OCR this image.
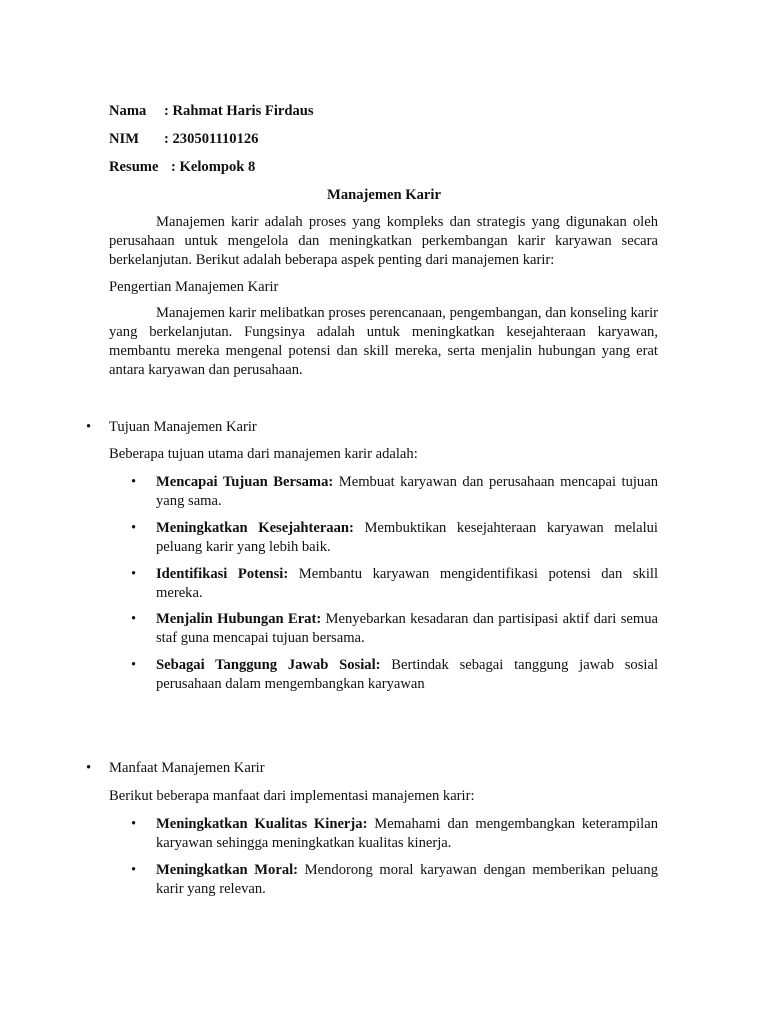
Nama : Rahmat Haris Firdaus
NIM : 230501110126
Resume : Kelompok 8
Manajemen Karir
Manajemen karir adalah proses yang kompleks dan strategis yang digunakan oleh perusahaan untuk mengelola dan meningkatkan perkembangan karir karyawan secara berkelanjutan. Berikut adalah beberapa aspek penting dari manajemen karir:
Pengertian Manajemen Karir
Manajemen karir melibatkan proses perencanaan, pengembangan, dan konseling karir yang berkelanjutan. Fungsinya adalah untuk meningkatkan kesejahteraan karyawan, membantu mereka mengenal potensi dan skill mereka, serta menjalin hubungan yang erat antara karyawan dan perusahaan.
• Tujuan Manajemen Karir
Beberapa tujuan utama dari manajemen karir adalah:
• Mencapai Tujuan Bersama: Membuat karyawan dan perusahaan mencapai tujuan yang sama.
• Meningkatkan Kesejahteraan: Membuktikan kesejahteraan karyawan melalui peluang karir yang lebih baik.
• Identifikasi Potensi: Membantu karyawan mengidentifikasi potensi dan skill mereka.
• Menjalin Hubungan Erat: Menyebarkan kesadaran dan partisipasi aktif dari semua staf guna mencapai tujuan bersama.
• Sebagai Tanggung Jawab Sosial: Bertindak sebagai tanggung jawab sosial perusahaan dalam mengembangkan karyawan
• Manfaat Manajemen Karir
Berikut beberapa manfaat dari implementasi manajemen karir:
• Meningkatkan Kualitas Kinerja: Memahami dan mengembangkan keterampilan karyawan sehingga meningkatkan kualitas kinerja.
• Meningkatkan Moral: Mendorong moral karyawan dengan memberikan peluang karir yang relevan.
